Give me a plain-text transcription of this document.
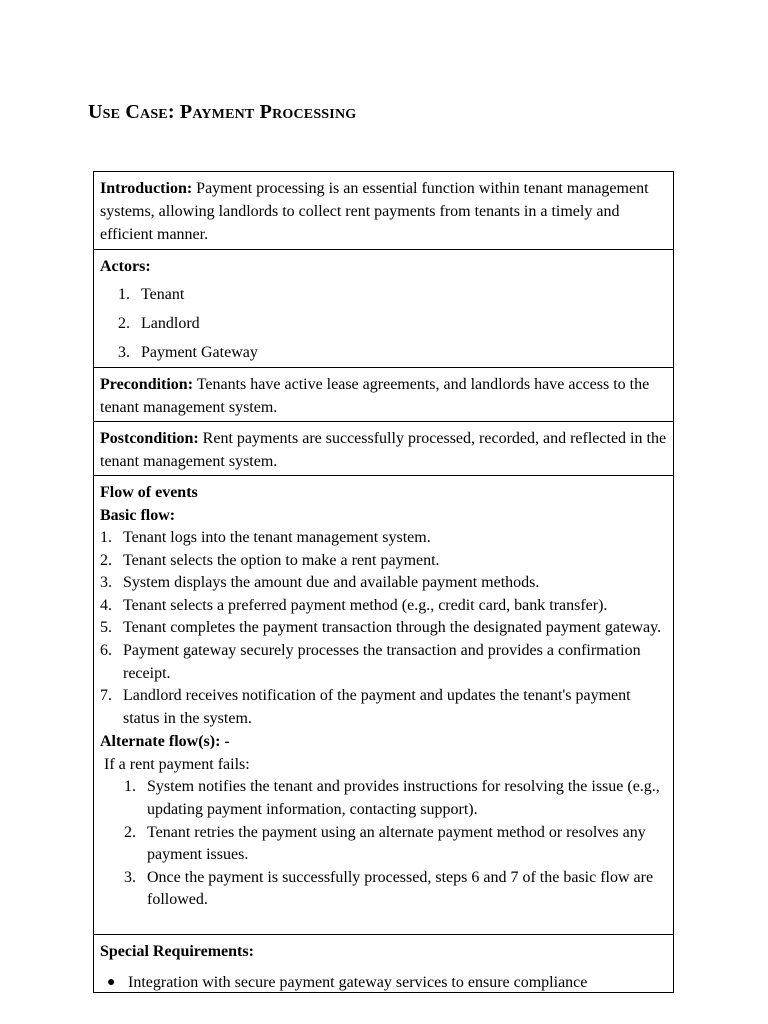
Use Case: Payment Processing

Introduction: Payment processing is an essential function within tenant management systems, allowing landlords to collect rent payments from tenants in a timely and efficient manner.

Actors:
1. Tenant
2. Landlord
3. Payment Gateway

Precondition: Tenants have active lease agreements, and landlords have access to the tenant management system.

Postcondition: Rent payments are successfully processed, recorded, and reflected in the tenant management system.

Flow of events
Basic flow:
1. Tenant logs into the tenant management system.
2. Tenant selects the option to make a rent payment.
3. System displays the amount due and available payment methods.
4. Tenant selects a preferred payment method (e.g., credit card, bank transfer).
5. Tenant completes the payment transaction through the designated payment gateway.
6. Payment gateway securely processes the transaction and provides a confirmation receipt.
7. Landlord receives notification of the payment and updates the tenant's payment status in the system.
Alternate flow(s): -
If a rent payment fails:
1. System notifies the tenant and provides instructions for resolving the issue (e.g., updating payment information, contacting support).
2. Tenant retries the payment using an alternate payment method or resolves any payment issues.
3. Once the payment is successfully processed, steps 6 and 7 of the basic flow are followed.
Special Requirements:
● Integration with secure payment gateway services to ensure compliance
